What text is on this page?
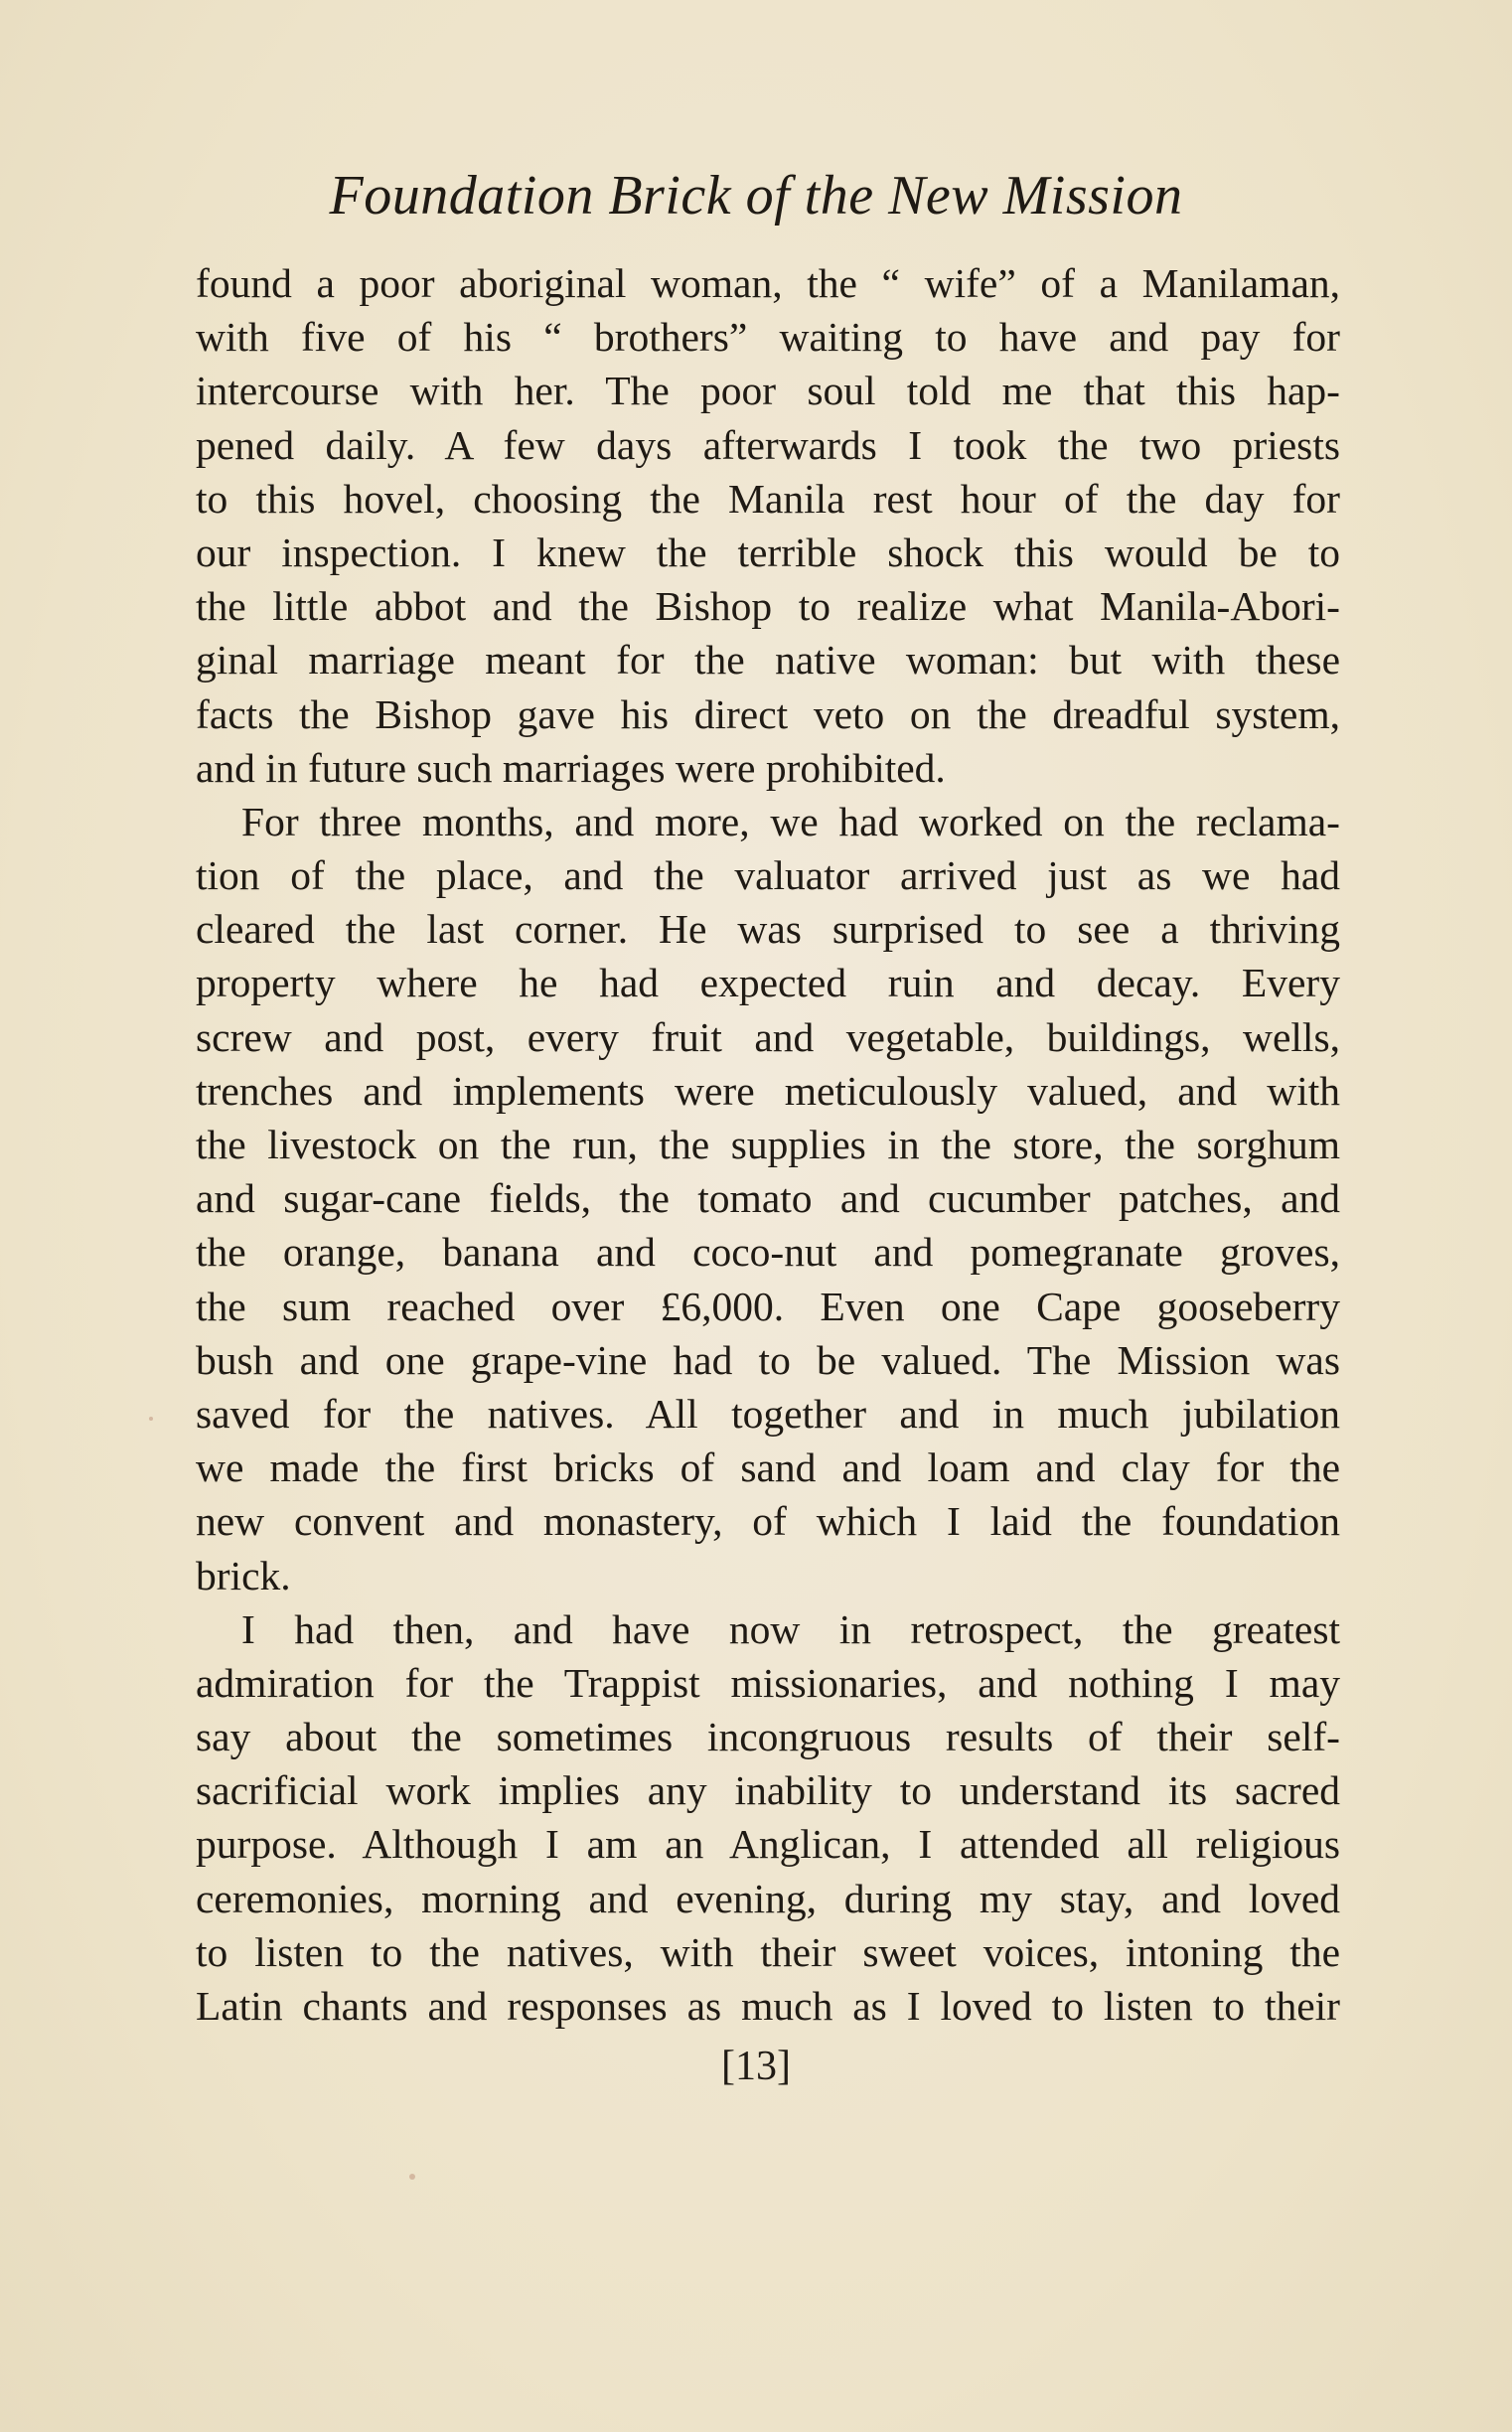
Foundation Brick of the New Mission
found a poor aboriginal woman, the “ wife” of a Manilaman,
with five of his “ brothers” waiting to have and pay for
intercourse with her. The poor soul told me that this hap-
pened daily. A few days afterwards I took the two priests
to this hovel, choosing the Manila rest hour of the day for
our inspection. I knew the terrible shock this would be to
the little abbot and the Bishop to realize what Manila-Abori-
ginal marriage meant for the native woman: but with these
facts the Bishop gave his direct veto on the dreadful system,
and in future such marriages were prohibited.
For three months, and more, we had worked on the reclama-
tion of the place, and the valuator arrived just as we had
cleared the last corner. He was surprised to see a thriving
property where he had expected ruin and decay. Every
screw and post, every fruit and vegetable, buildings, wells,
trenches and implements were meticulously valued, and with
the livestock on the run, the supplies in the store, the sorghum
and sugar-cane fields, the tomato and cucumber patches, and
the orange, banana and coco-nut and pomegranate groves,
the sum reached over £6,000. Even one Cape gooseberry
bush and one grape-vine had to be valued. The Mission was
saved for the natives. All together and in much jubilation
we made the first bricks of sand and loam and clay for the
new convent and monastery, of which I laid the foundation
brick.
I had then, and have now in retrospect, the greatest
admiration for the Trappist missionaries, and nothing I may
say about the sometimes incongruous results of their self-
sacrificial work implies any inability to understand its sacred
purpose. Although I am an Anglican, I attended all religious
ceremonies, morning and evening, during my stay, and loved
to listen to the natives, with their sweet voices, intoning the
Latin chants and responses as much as I loved to listen to their
[13]
